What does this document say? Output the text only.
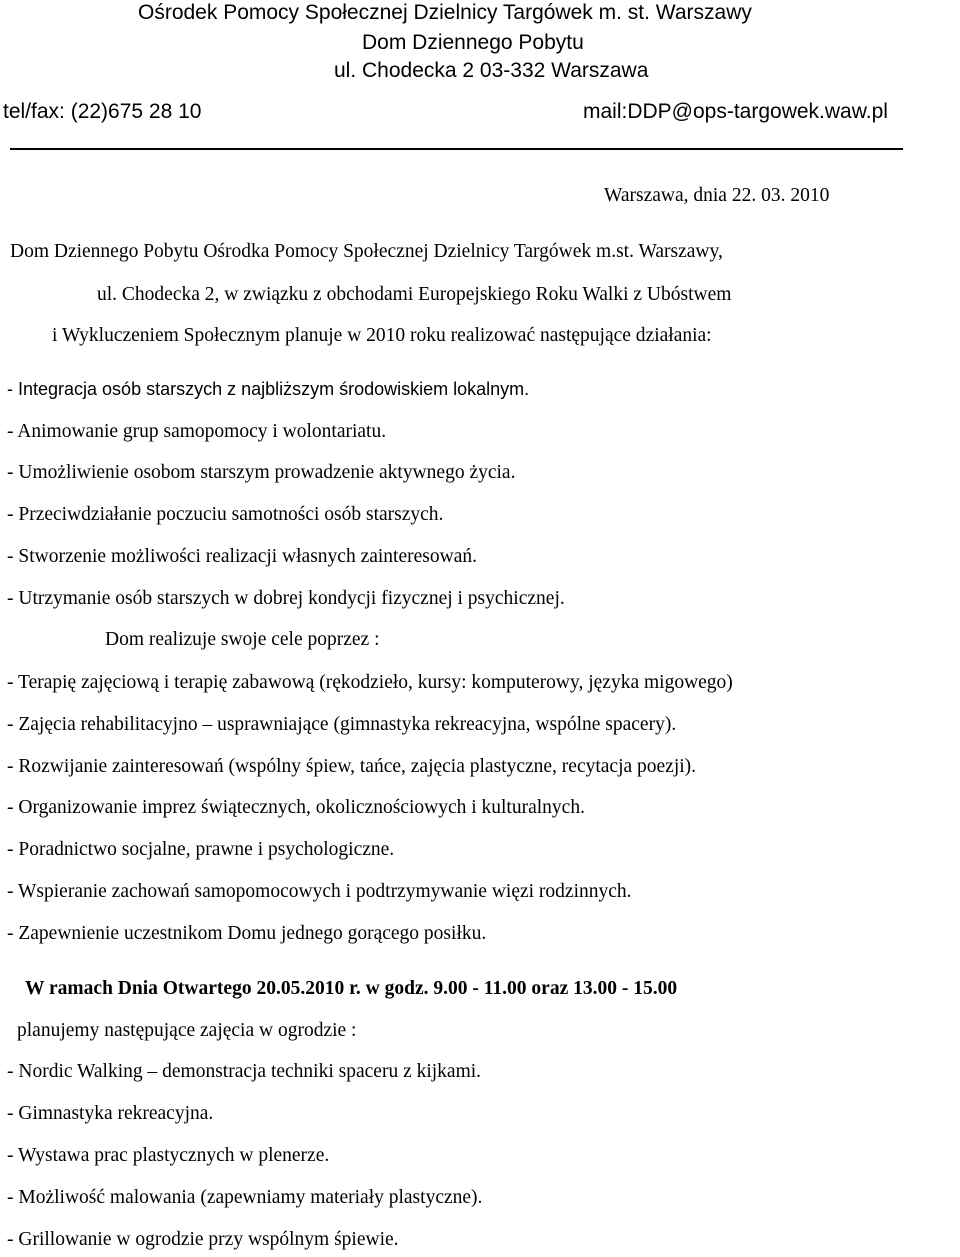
Ośrodek Pomocy Społecznej Dzielnicy Targówek m. st. Warszawy
Dom Dziennego Pobytu
ul. Chodecka 2 03-332 Warszawa
tel/fax: (22)675 28 10	mail:DDP@ops-targowek.waw.pl
Warszawa, dnia 22. 03. 2010
Dom Dziennego Pobytu Ośrodka Pomocy Społecznej Dzielnicy Targówek m.st. Warszawy,
ul. Chodecka 2, w związku z obchodami Europejskiego Roku Walki z Ubóstwem
i Wykluczeniem Społecznym planuje w 2010 roku realizować następujące działania:
- Integracja osób starszych z najbliższym środowiskiem lokalnym.
- Animowanie grup samopomocy i wolontariatu.
- Umożliwienie osobom starszym prowadzenie aktywnego życia.
- Przeciwdziałanie poczuciu samotności osób starszych.
- Stworzenie możliwości realizacji własnych zainteresowań.
- Utrzymanie osób starszych w dobrej kondycji fizycznej i psychicznej.
Dom realizuje swoje cele poprzez :
- Terapię zajęciową i terapię zabawową (rękodzieło, kursy: komputerowy, języka migowego)
- Zajęcia rehabilitacyjno – usprawniające (gimnastyka rekreacyjna, wspólne spacery).
- Rozwijanie zainteresowań (wspólny śpiew, tańce, zajęcia plastyczne, recytacja poezji).
- Organizowanie imprez świątecznych, okolicznościowych i kulturalnych.
- Poradnictwo socjalne, prawne i psychologiczne.
- Wspieranie zachowań samopomocowych i podtrzymywanie więzi rodzinnych.
- Zapewnienie uczestnikom Domu jednego gorącego posiłku.
W ramach Dnia Otwartego 20.05.2010 r. w godz. 9.00 - 11.00 oraz 13.00 - 15.00
planujemy następujące zajęcia w ogrodzie :
- Nordic Walking – demonstracja techniki spaceru z kijkami.
- Gimnastyka rekreacyjna.
- Wystawa prac plastycznych w plenerze.
- Możliwość malowania (zapewniamy materiały plastyczne).
- Grillowanie w ogrodzie przy wspólnym śpiewie.
